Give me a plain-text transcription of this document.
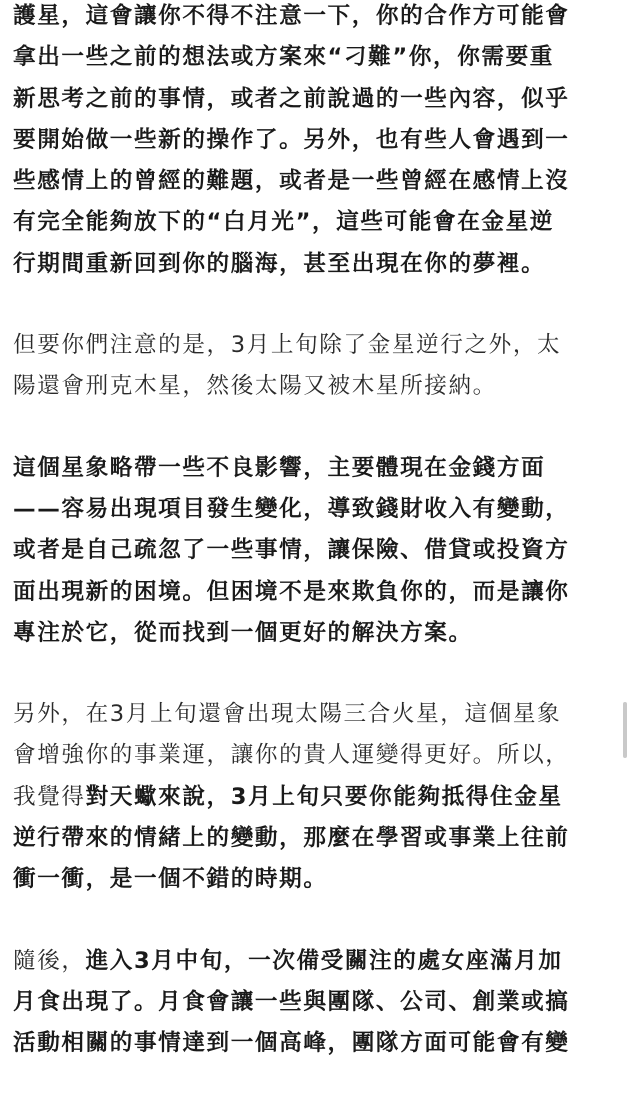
護星，這會讓你不得不注意一下，你的合作方可能會
拿出一些之前的想法或方案來“刁難”你，你需要重
新思考之前的事情，或者之前說過的一些內容，似乎
要開始做一些新的操作了。另外，也有些人會遇到一
些感情上的曾經的難題，或者是一些曾經在感情上沒
有完全能夠放下的“白月光”，這些可能會在金星逆
行期間重新回到你的腦海，甚至出現在你的夢裡。

但要你們注意的是，3月上旬除了金星逆行之外，太
陽還會刑克木星，然後太陽又被木星所接納。

這個星象略帶一些不良影響，主要體現在金錢方面
——容易出現項目發生變化，導致錢財收入有變動，
或者是自己疏忽了一些事情，讓保險、借貸或投資方
面出現新的困境。但困境不是來欺負你的，而是讓你
專注於它，從而找到一個更好的解決方案。

另外，在3月上旬還會出現太陽三合火星，這個星象
會增強你的事業運，讓你的貴人運變得更好。所以，
我覺得對天蠍來說，3月上旬只要你能夠抵得住金星
逆行帶來的情緒上的變動，那麼在學習或事業上往前
衝一衝，是一個不錯的時期。

隨後，進入3月中旬，一次備受關注的處女座滿月加
月食出現了。月食會讓一些與團隊、公司、創業或搞
活動相關的事情達到一個高峰，團隊方面可能會有變
